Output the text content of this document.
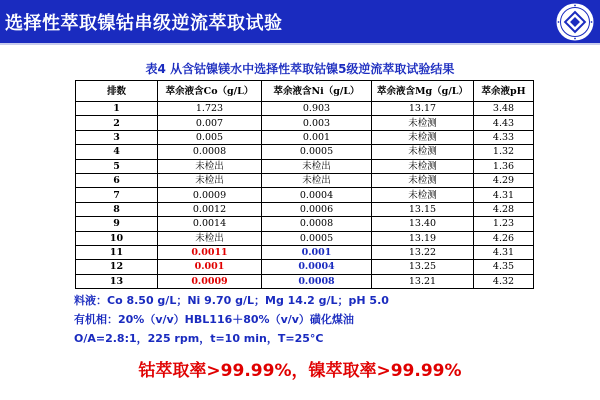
选择性萃取镍钴串级逆流萃取试验
表4 从含钴镍镁水中选择性萃取钴镍5级逆流萃取试验结果
排数	萃余液含Co（g/L）	萃余液含Ni（g/L）	萃余液含Mg（g/L）	萃余液pH
1	1.723	0.903	13.17	3.48
2	0.007	0.003	未检测	4.43
3	0.005	0.001	未检测	4.33
4	0.0008	0.0005	未检测	1.32
5	未检出	未检出	未检测	1.36
6	未检出	未检出	未检测	4.29
7	0.0009	0.0004	未检测	4.31
8	0.0012	0.0006	13.15	4.28
9	0.0014	0.0008	13.40	1.23
10	未检出	0.0005	13.19	4.26
11	0.0011	0.001	13.22	4.31
12	0.001	0.0004	13.25	4.35
13	0.0009	0.0008	13.21	4.32
料液：Co 8.50 g/L；Ni 9.70 g/L；Mg 14.2 g/L；pH 5.0
有机相：20%（v/v）HBL116＋80%（v/v）磺化煤油
O/A=2.8:1，225 rpm，t=10 min，T=25°C
钴萃取率>99.99%，镍萃取率>99.99%
